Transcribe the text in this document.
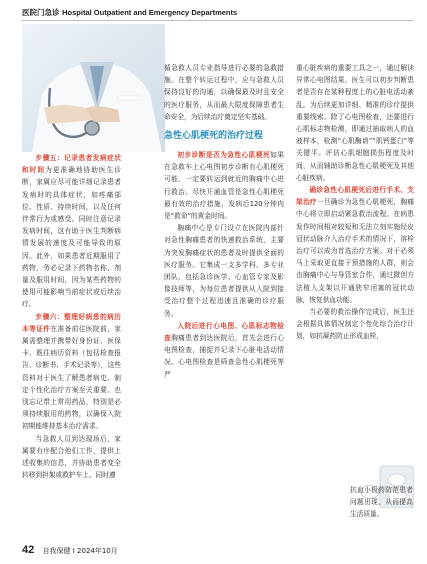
医院门急诊 Hospital Outpatient and Emergency Departments

步骤五：记录患者发病症状和时间为更准确地协助医生诊断，家属应尽可能详细记录患者发病时的具体症状，如疼痛部位、性质、持续时间，以及任何伴常行为或感受。同时注意记录发病时间，这有助于医生判断病情发展的速度及可能导致的原因。此外，如果患者近期服用了药物，务必记录下药物名称、剂量及服用时间，因为某些药物的使用可能影响当前症状或后续治疗。

步骤六：整理好病患的病历本等证件在准备前往医院前，家属需整理并携带好身份证、医保卡、既往病历资料（包括检查报告、诊断书、手术记录等），这些资料对于医生了解患者病史、制定个性化治疗方案至关重要。也别忘记带上常用药品，特别是必须持续服用的药物，以确保入院初期能维持基本治疗需求。

当急救人员到达现场后，家属要有序配合他们工作，提供上述收集的信息，并协助患者变全转移到担架或救护车上。同时遵

循急救人员专业指导进行必要的急救措施。在整个转运过程中，应与急救人员保持良好的沟通，以确保最及时且安全的医疗服务，从而最大限度保障患者生命安全，为后续治疗奠定坚实基础。

急性心肌梗死的治疗过程

初步诊断是否为急性心肌梗死如果在急救车上心电图初步诊断有心肌梗死可能，一定要转运到就近的胸痛中心进行救治。尽快开通血管是急性心肌梗死最有效的治疗措施，发病后120分钟内是“救命”的黄金时间。

胸痛中心是专门设立在医院内部针对急性胸痛患者的快速救治系统，主要为突发胸痛症状的患者及时提供全面的医疗服务。它集成一支多学科、多专业团队，包括急诊医学、心血管专家及影像技师等，为每位患者提供从入院到接受治疗整个过程迅速且准确的诊疗服务。

入院后进行心电图、心肌标志物检查胸痛患者到达医院后，首先会进行心电图检查，捕捉并记录下心脏电活动情况。心电图检查是筛查急性心肌梗死等严

重心脏疾病的重要工具之一，通过解读异常心电图结果，医生可以初步判断患者是否存在某种程度上的心脏电活动紊乱。为后续更加详细、精准的诊疗提供重要线索。除了心电图检查，还要进行心肌标志物检测，即通过抽取病人的血液样本，检测“心肌酶谱”“肌钙蛋白”等关键平。评估心肌细胞损伤程度及时间，从而辅助诊断急性心肌梗死及其他心脏疾病。

确诊急性心肌梗死后进行手术、支架治疗一旦确诊为急性心肌梗死，胸痛中心将立即启动紧急救治流程。在病患发作时间相对较短和无法立刻实施经皮冠状动脉介入治疗手术的情况下，溶栓治疗可以成为首选治疗方案。对于必须马上采取更直接干预措施的人群，则会由胸痛中心与导管室合作，通过微创方法植入支架以开通狭窄闭塞的冠状动脉，恢复供血功能。

当必要的救治操作完成后，医生还会根据具体情况制定个性化综合治疗计划，如抗凝药防止形成血栓，

抗血小板药防范患者问题出现，从而提高生活质量。

42 自我保健 I 2024年10月
